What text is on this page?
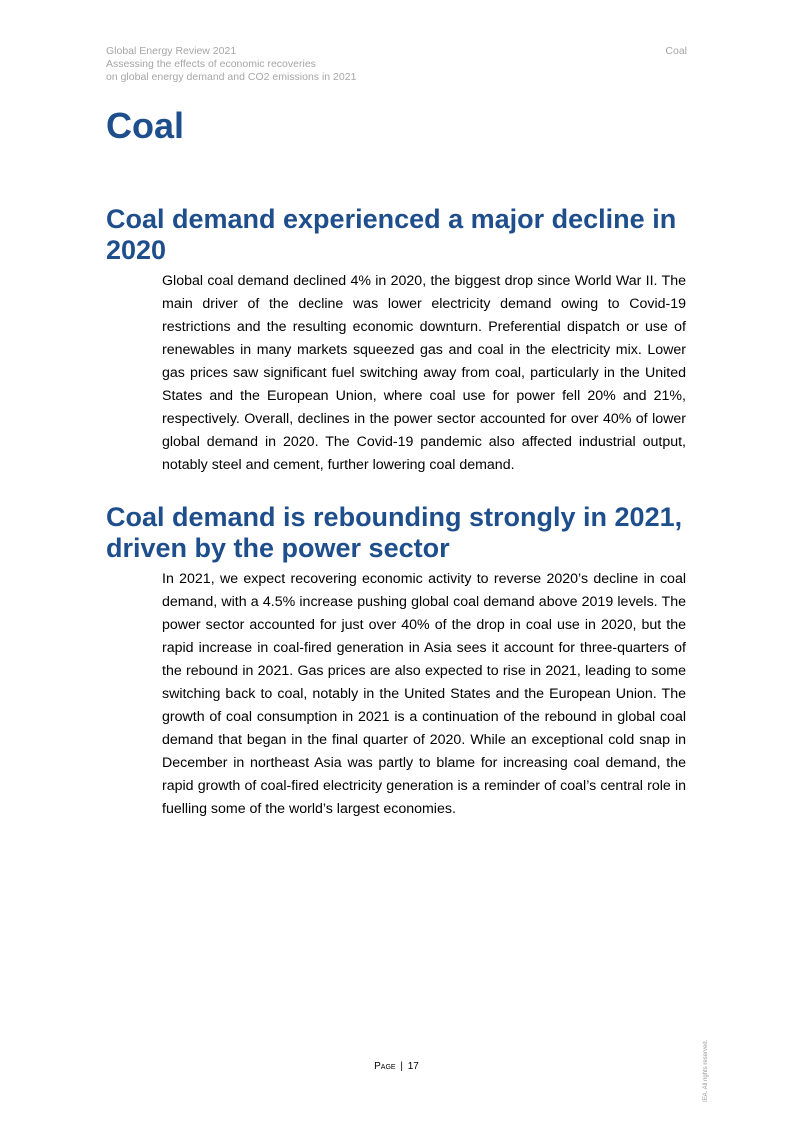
Global Energy Review 2021
Assessing the effects of economic recoveries
on global energy demand and CO2 emissions in 2021
Coal
Coal
Coal demand experienced a major decline in 2020

Global coal demand declined 4% in 2020, the biggest drop since World War II. The main driver of the decline was lower electricity demand owing to Covid-19 restrictions and the resulting economic downturn. Preferential dispatch or use of renewables in many markets squeezed gas and coal in the electricity mix. Lower gas prices saw significant fuel switching away from coal, particularly in the United States and the European Union, where coal use for power fell 20% and 21%, respectively. Overall, declines in the power sector accounted for over 40% of lower global demand in 2020. The Covid-19 pandemic also affected industrial output, notably steel and cement, further lowering coal demand.

Coal demand is rebounding strongly in 2021, driven by the power sector

In 2021, we expect recovering economic activity to reverse 2020’s decline in coal demand, with a 4.5% increase pushing global coal demand above 2019 levels. The power sector accounted for just over 40% of the drop in coal use in 2020, but the rapid increase in coal-fired generation in Asia sees it account for three-quarters of the rebound in 2021. Gas prices are also expected to rise in 2021, leading to some switching back to coal, notably in the United States and the European Union. The growth of coal consumption in 2021 is a continuation of the rebound in global coal demand that began in the final quarter of 2020. While an exceptional cold snap in December in northeast Asia was partly to blame for increasing coal demand, the rapid growth of coal-fired electricity generation is a reminder of coal’s central role in fuelling some of the world’s largest economies.

Page | 17	IEA. All rights reserved.
